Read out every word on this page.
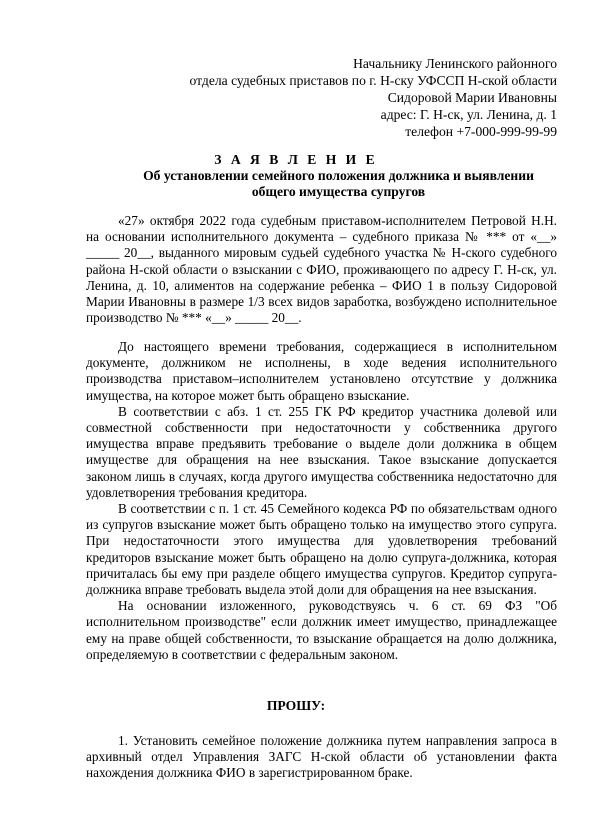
Начальнику Ленинского районного
отдела судебных приставов по г. Н-ску УФССП Н-ской области
Сидоровой Марии Ивановны
адрес: Г. Н-ск, ул. Ленина, д. 1
телефон +7-000-999-99-99
З А Я В Л Е Н И Е
Об установлении семейного положения должника и выявлении общего имущества супругов

«27» октября 2022 года судебным приставом-исполнителем Петровой Н.Н. на основании исполнительного документа – судебного приказа № *** от «__» _____ 20__, выданного мировым судьей судебного участка № Н-ского судебного района Н-ской области о взыскании с ФИО, проживающего по адресу Г. Н-ск, ул. Ленина, д. 10, алиментов на содержание ребенка – ФИО 1 в пользу Сидоровой Марии Ивановны в размере 1/3 всех видов заработка, возбуждено исполнительное производство № *** «__» _____ 20__.

До настоящего времени требования, содержащиеся в исполнительном документе, должником не исполнены, в ходе ведения исполнительного производства приставом–исполнителем установлено отсутствие у должника имущества, на которое может быть обращено взыскание.

В соответствии с абз. 1 ст. 255 ГК РФ кредитор участника долевой или совместной собственности при недостаточности у собственника другого имущества вправе предъявить требование о выделе доли должника в общем имуществе для обращения на нее взыскания. Такое взыскание допускается законом лишь в случаях, когда другого имущества собственника недостаточно для удовлетворения требования кредитора.

В соответствии с п. 1 ст. 45 Семейного кодекса РФ по обязательствам одного из супругов взыскание может быть обращено только на имущество этого супруга. При недостаточности этого имущества для удовлетворения требований кредиторов взыскание может быть обращено на долю супруга-должника, которая причиталась бы ему при разделе общего имущества супругов. Кредитор супруга-должника вправе требовать выдела этой доли для обращения на нее взыскания.

На основании изложенного, руководствуясь ч. 6 ст. 69 ФЗ "Об исполнительном производстве" если должник имеет имущество, принадлежащее ему на праве общей собственности, то взыскание обращается на долю должника, определяемую в соответствии с федеральным законом.

ПРОШУ:

1. Установить семейное положение должника путем направления запроса в архивный отдел Управления ЗАГС Н-ской области об установлении факта нахождения должника ФИО в зарегистрированном браке.
